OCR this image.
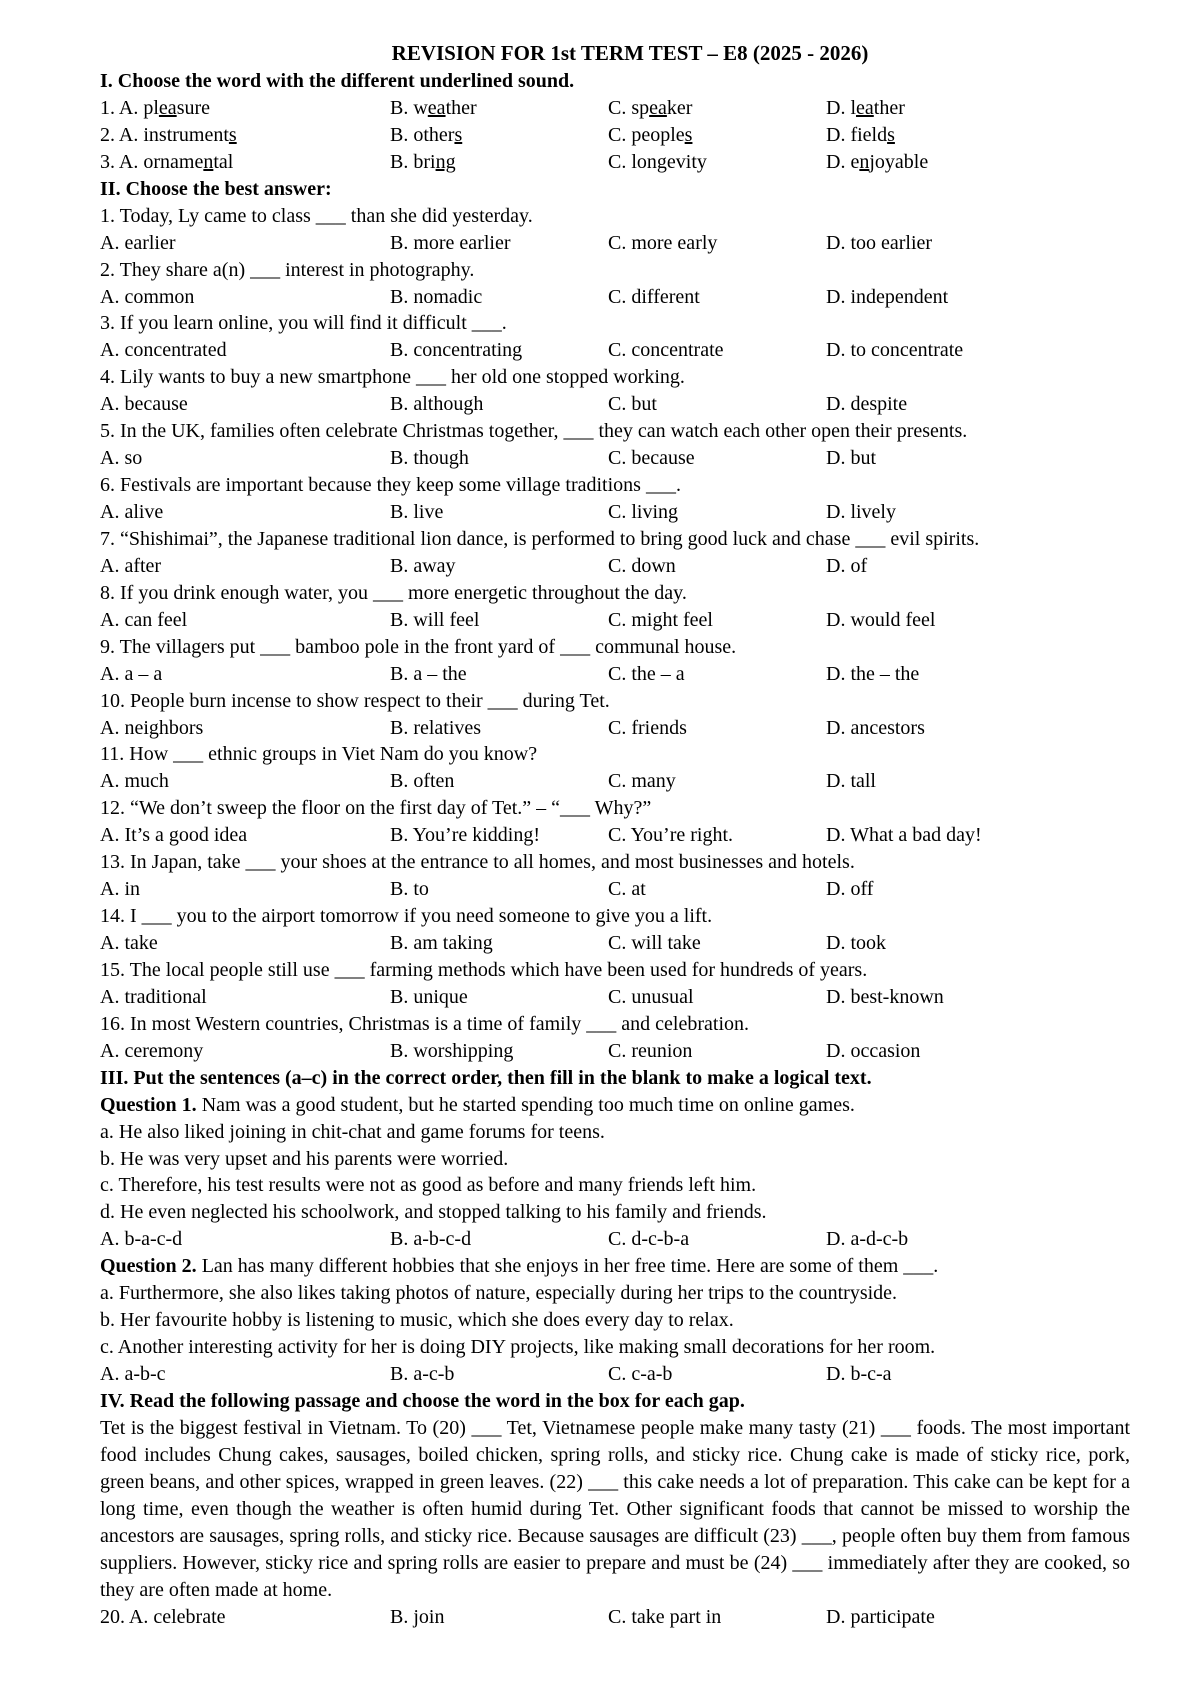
REVISION FOR 1st TERM TEST – E8 (2025 - 2026)
I. Choose the word with the different underlined sound.
1. A. pleasure	B. weather	C. speaker	D. leather
2. A. instruments	B. others	C. peoples	D. fields
3. A. ornamental	B. bring	C. longevity	D. enjoyable
II. Choose the best answer:
1. Today, Ly came to class ___ than she did yesterday.
A. earlier	B. more earlier	C. more early	D. too earlier
2. They share a(n) ___ interest in photography.
A. common	B. nomadic	C. different	D. independent
3. If you learn online, you will find it difficult ___.
A. concentrated	B. concentrating	C. concentrate	D. to concentrate
4. Lily wants to buy a new smartphone ___ her old one stopped working.
A. because	B. although	C. but	D. despite
5. In the UK, families often celebrate Christmas together, ___ they can watch each other open their presents.
A. so	B. though	C. because	D. but
6. Festivals are important because they keep some village traditions ___.
A. alive	B. live	C. living	D. lively
7. “Shishimai”, the Japanese traditional lion dance, is performed to bring good luck and chase ___ evil spirits.
A. after	B. away	C. down	D. of
8. If you drink enough water, you ___ more energetic throughout the day.
A. can feel	B. will feel	C. might feel	D. would feel
9. The villagers put ___ bamboo pole in the front yard of ___ communal house.
A. a – a	B. a – the	C. the – a	D. the – the
10. People burn incense to show respect to their ___ during Tet.
A. neighbors	B. relatives	C. friends	D. ancestors
11. How ___ ethnic groups in Viet Nam do you know?
A. much	B. often	C. many	D. tall
12. “We don’t sweep the floor on the first day of Tet.” – “___ Why?”
A. It’s a good idea	B. You’re kidding!	C. You’re right.	D. What a bad day!
13. In Japan, take ___ your shoes at the entrance to all homes, and most businesses and hotels.
A. in	B. to	C. at	D. off
14. I ___ you to the airport tomorrow if you need someone to give you a lift.
A. take	B. am taking	C. will take	D. took
15. The local people still use ___ farming methods which have been used for hundreds of years.
A. traditional	B. unique	C. unusual	D. best-known
16. In most Western countries, Christmas is a time of family ___ and celebration.
A. ceremony	B. worshipping	C. reunion	D. occasion
III. Put the sentences (a–c) in the correct order, then fill in the blank to make a logical text.
Question 1. Nam was a good student, but he started spending too much time on online games.
a. He also liked joining in chit-chat and game forums for teens.
b. He was very upset and his parents were worried.
c. Therefore, his test results were not as good as before and many friends left him.
d. He even neglected his schoolwork, and stopped talking to his family and friends.
A. b-a-c-d	B. a-b-c-d	C. d-c-b-a	D. a-d-c-b
Question 2. Lan has many different hobbies that she enjoys in her free time. Here are some of them ___.
a. Furthermore, she also likes taking photos of nature, especially during her trips to the countryside.
b. Her favourite hobby is listening to music, which she does every day to relax.
c. Another interesting activity for her is doing DIY projects, like making small decorations for her room.
A. a-b-c	B. a-c-b	C. c-a-b	D. b-c-a
IV. Read the following passage and choose the word in the box for each gap.
Tet is the biggest festival in Vietnam. To (20) ___ Tet, Vietnamese people make many tasty (21) ___ foods. The most important food includes Chung cakes, sausages, boiled chicken, spring rolls, and sticky rice. Chung cake is made of sticky rice, pork, green beans, and other spices, wrapped in green leaves. (22) ___ this cake needs a lot of preparation. This cake can be kept for a long time, even though the weather is often humid during Tet. Other significant foods that cannot be missed to worship the ancestors are sausages, spring rolls, and sticky rice. Because sausages are difficult (23) ___, people often buy them from famous suppliers. However, sticky rice and spring rolls are easier to prepare and must be (24) ___ immediately after they are cooked, so they are often made at home.
20. A. celebrate	B. join	C. take part in	D. participate
